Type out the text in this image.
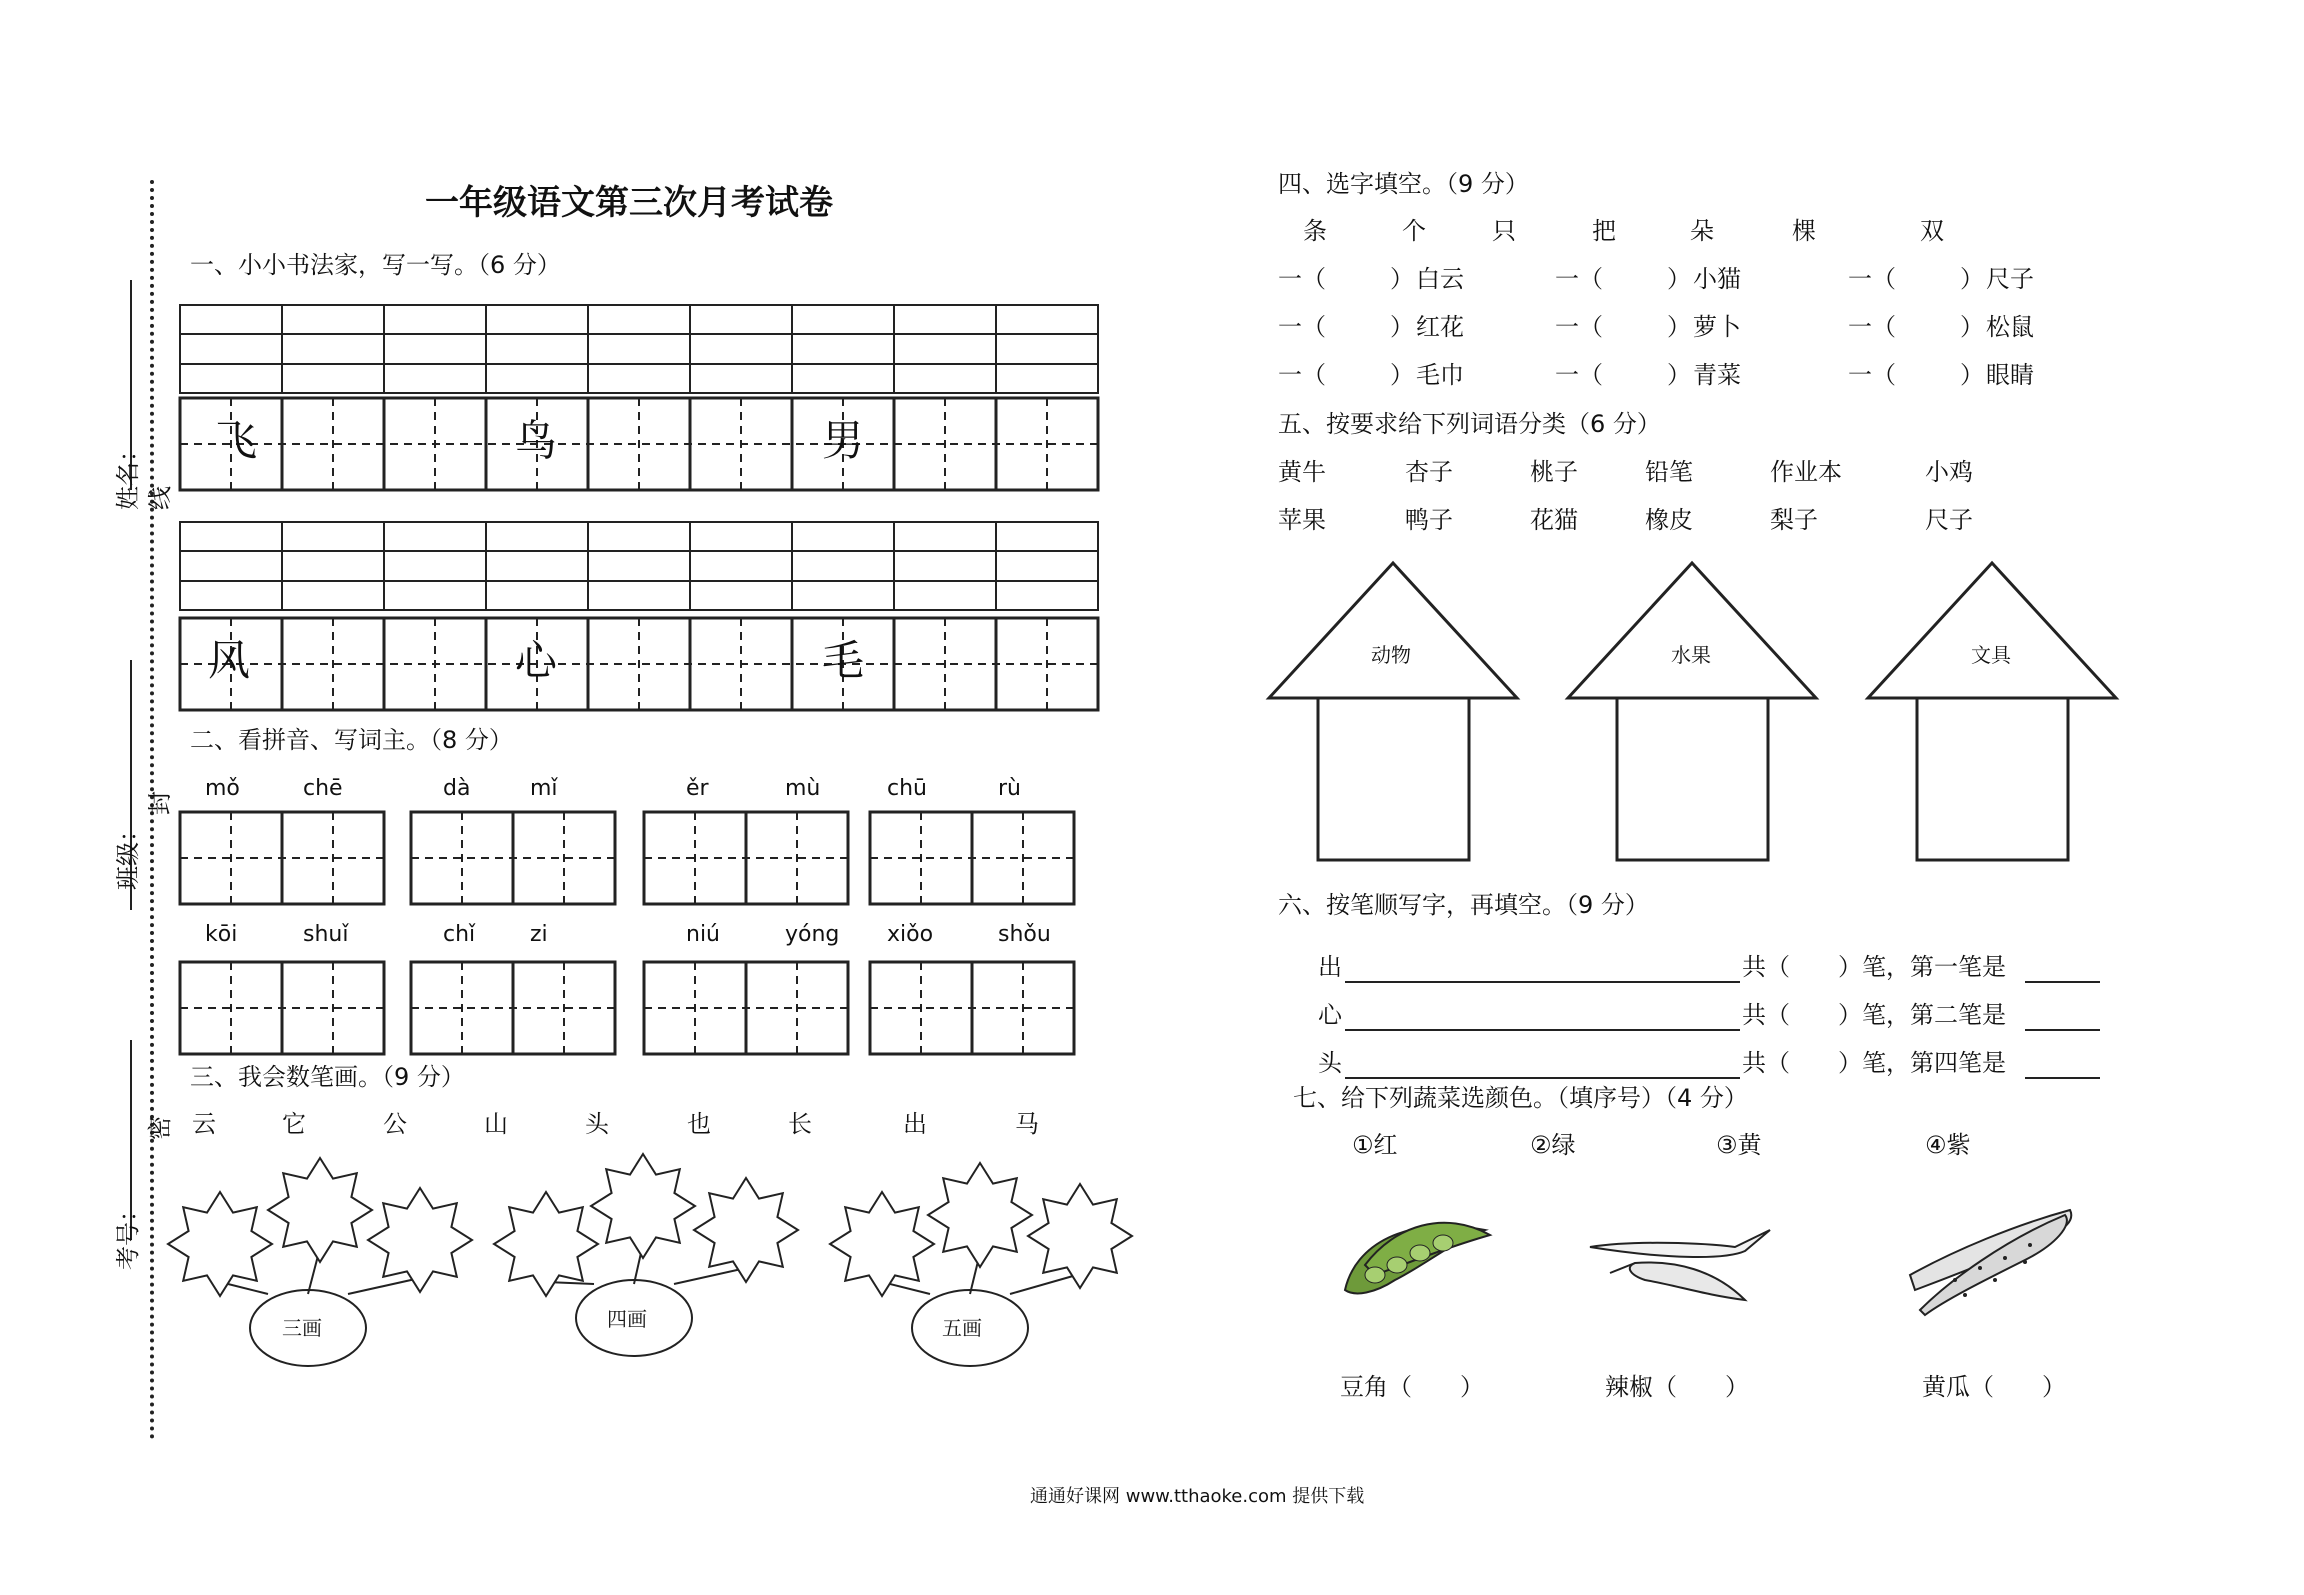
姓名：
班级：
考号：
线
封
密
一年级语文第三次月考试卷
一、小小书法家，写一写。（6 分）
飞	鸟	男
风	心	毛
二、看拼音、写词主。（8 分）
mǒ	chē	dà	mǐ	ěr	mù	chū	rù
kōi	shuǐ	chǐ zi	niú	yóng xiǒo	shǒu
三、我会数笔画。（9 分）
云	它	公	山	头	也	长	出	马
三画	四画	五画
四、选字填空。（9 分）
条	个	只	把	朵	棵	双
一（	） 白云	一（	） 小猫	一（	） 尺子
一（	） 红花	一（	） 萝卜	一（	） 松鼠
一（	） 毛巾	一（	） 青菜	一（	） 眼睛
五、按要求给下列词语分类（6 分）
黄牛	杏子	桃子	铅笔	作业本	小鸡
苹果	鸭子	花猫	橡皮	梨子	尺子
动物	水果	文具
六、按笔顺写字，再填空。（9 分）
出	共（　　）笔，第一笔是
心	共（　　）笔，第二笔是
头	共（　　）笔，第四笔是
七、给下列蔬菜选颜色。（填序号）（4 分）
①红	②绿	③黄	④紫
豆角（　　）	辣椒（　　）	黄瓜（　　）
通通好课网 www.tthaoke.com 提供下载
